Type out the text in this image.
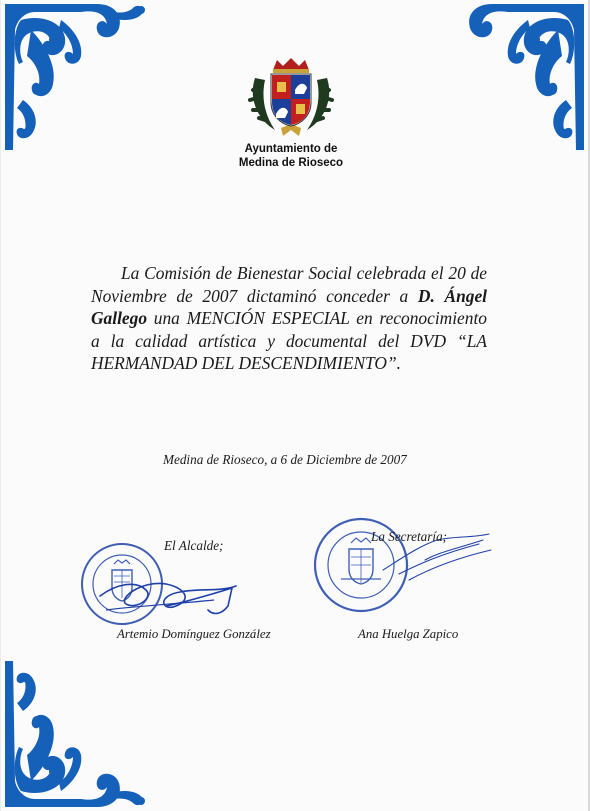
Ayuntamiento de
Medina de Rioseco
La Comisión de Bienestar Social celebrada el 20 de Noviembre de 2007 dictaminó conceder a D. Ángel Gallego una MENCIÓN ESPECIAL en reconocimiento a la calidad artística y documental del DVD “LA HERMANDAD DEL DESCENDIMIENTO”.
Medina de Rioseco, a 6 de Diciembre de 2007
El Alcalde;
La Secretaría;
Artemio Domínguez González	Ana Huelga Zapico
